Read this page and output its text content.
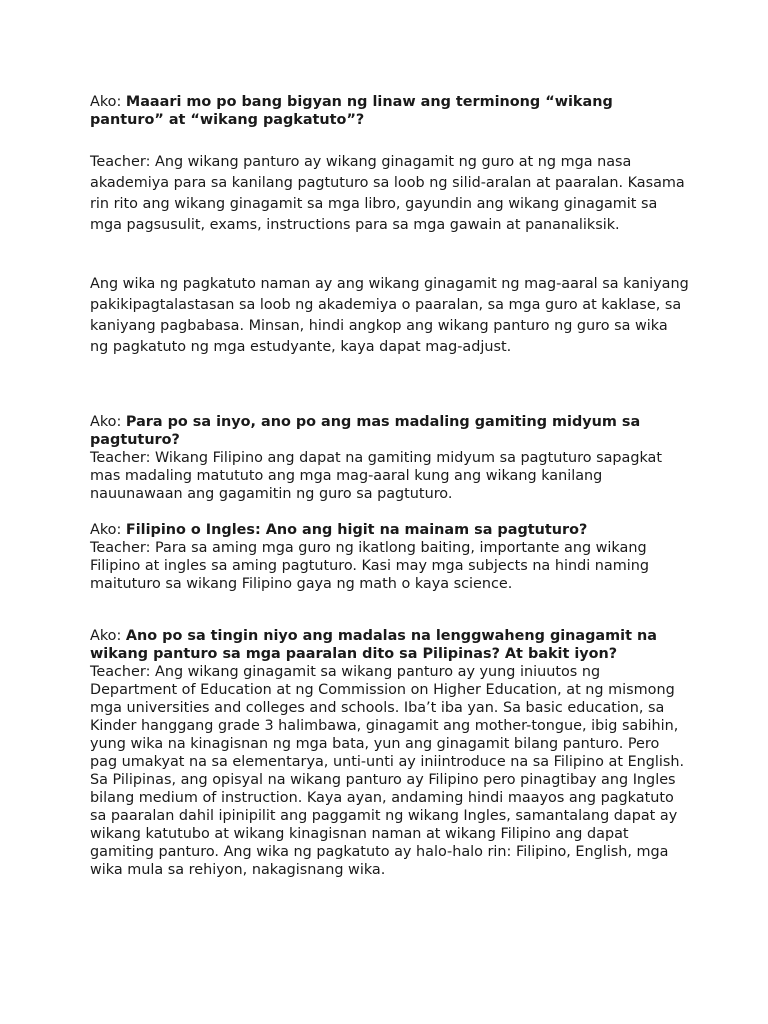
Ako: Maaari mo po bang bigyan ng linaw ang terminong “wikang panturo” at “wikang pagkatuto”?

Teacher: Ang wikang panturo ay wikang ginagamit ng guro at ng mga nasa akademiya para sa kanilang pagtuturo sa loob ng silid-aralan at paaralan. Kasama rin rito ang wikang ginagamit sa mga libro, gayundin ang wikang ginagamit sa mga pagsusulit, exams, instructions para sa mga gawain at pananaliksik.

Ang wika ng pagkatuto naman ay ang wikang ginagamit ng mag-aaral sa kaniyang pakikipagtalastasan sa loob ng akademiya o paaralan, sa mga guro at kaklase, sa kaniyang pagbabasa. Minsan, hindi angkop ang wikang panturo ng guro sa wika ng pagkatuto ng mga estudyante, kaya dapat mag-adjust.

Ako: Para po sa inyo, ano po ang mas madaling gamiting midyum sa pagtuturo?

Teacher: Wikang Filipino ang dapat na gamiting midyum sa pagtuturo sapagkat mas madaling matututo ang mga mag-aaral kung ang wikang kanilang nauunawaan ang gagamitin ng guro sa pagtuturo.

Ako: Filipino o Ingles: Ano ang higit na mainam sa pagtuturo?

Teacher: Para sa aming mga guro ng ikatlong baiting, importante ang wikang Filipino at ingles sa aming pagtuturo. Kasi may mga subjects na hindi naming maituturo sa wikang Filipino gaya ng math o kaya science.

Ako: Ano po sa tingin niyo ang madalas na lenggwaheng ginagamit na wikang panturo sa mga paaralan dito sa Pilipinas? At bakit iyon?

Teacher: Ang wikang ginagamit sa wikang panturo ay yung iniuutos ng Department of Education at ng Commission on Higher Education, at ng mismong mga universities and colleges and schools. Iba’t iba yan. Sa basic education, sa Kinder hanggang grade 3 halimbawa, ginagamit ang mother-tongue, ibig sabihin, yung wika na kinagisnan ng mga bata, yun ang ginagamit bilang panturo. Pero pag umakyat na sa elementarya, unti-unti ay iniintroduce na sa Filipino at English. Sa Pilipinas, ang opisyal na wikang panturo ay Filipino pero pinagtibay ang Ingles bilang medium of instruction. Kaya ayan, andaming hindi maayos ang pagkatuto sa paaralan dahil ipinipilit ang paggamit ng wikang Ingles, samantalang dapat ay wikang katutubo at wikang kinagisnan naman at wikang Filipino ang dapat gamiting panturo. Ang wika ng pagkatuto ay halo-halo rin: Filipino, English, mga wika mula sa rehiyon, nakagisnang wika.
